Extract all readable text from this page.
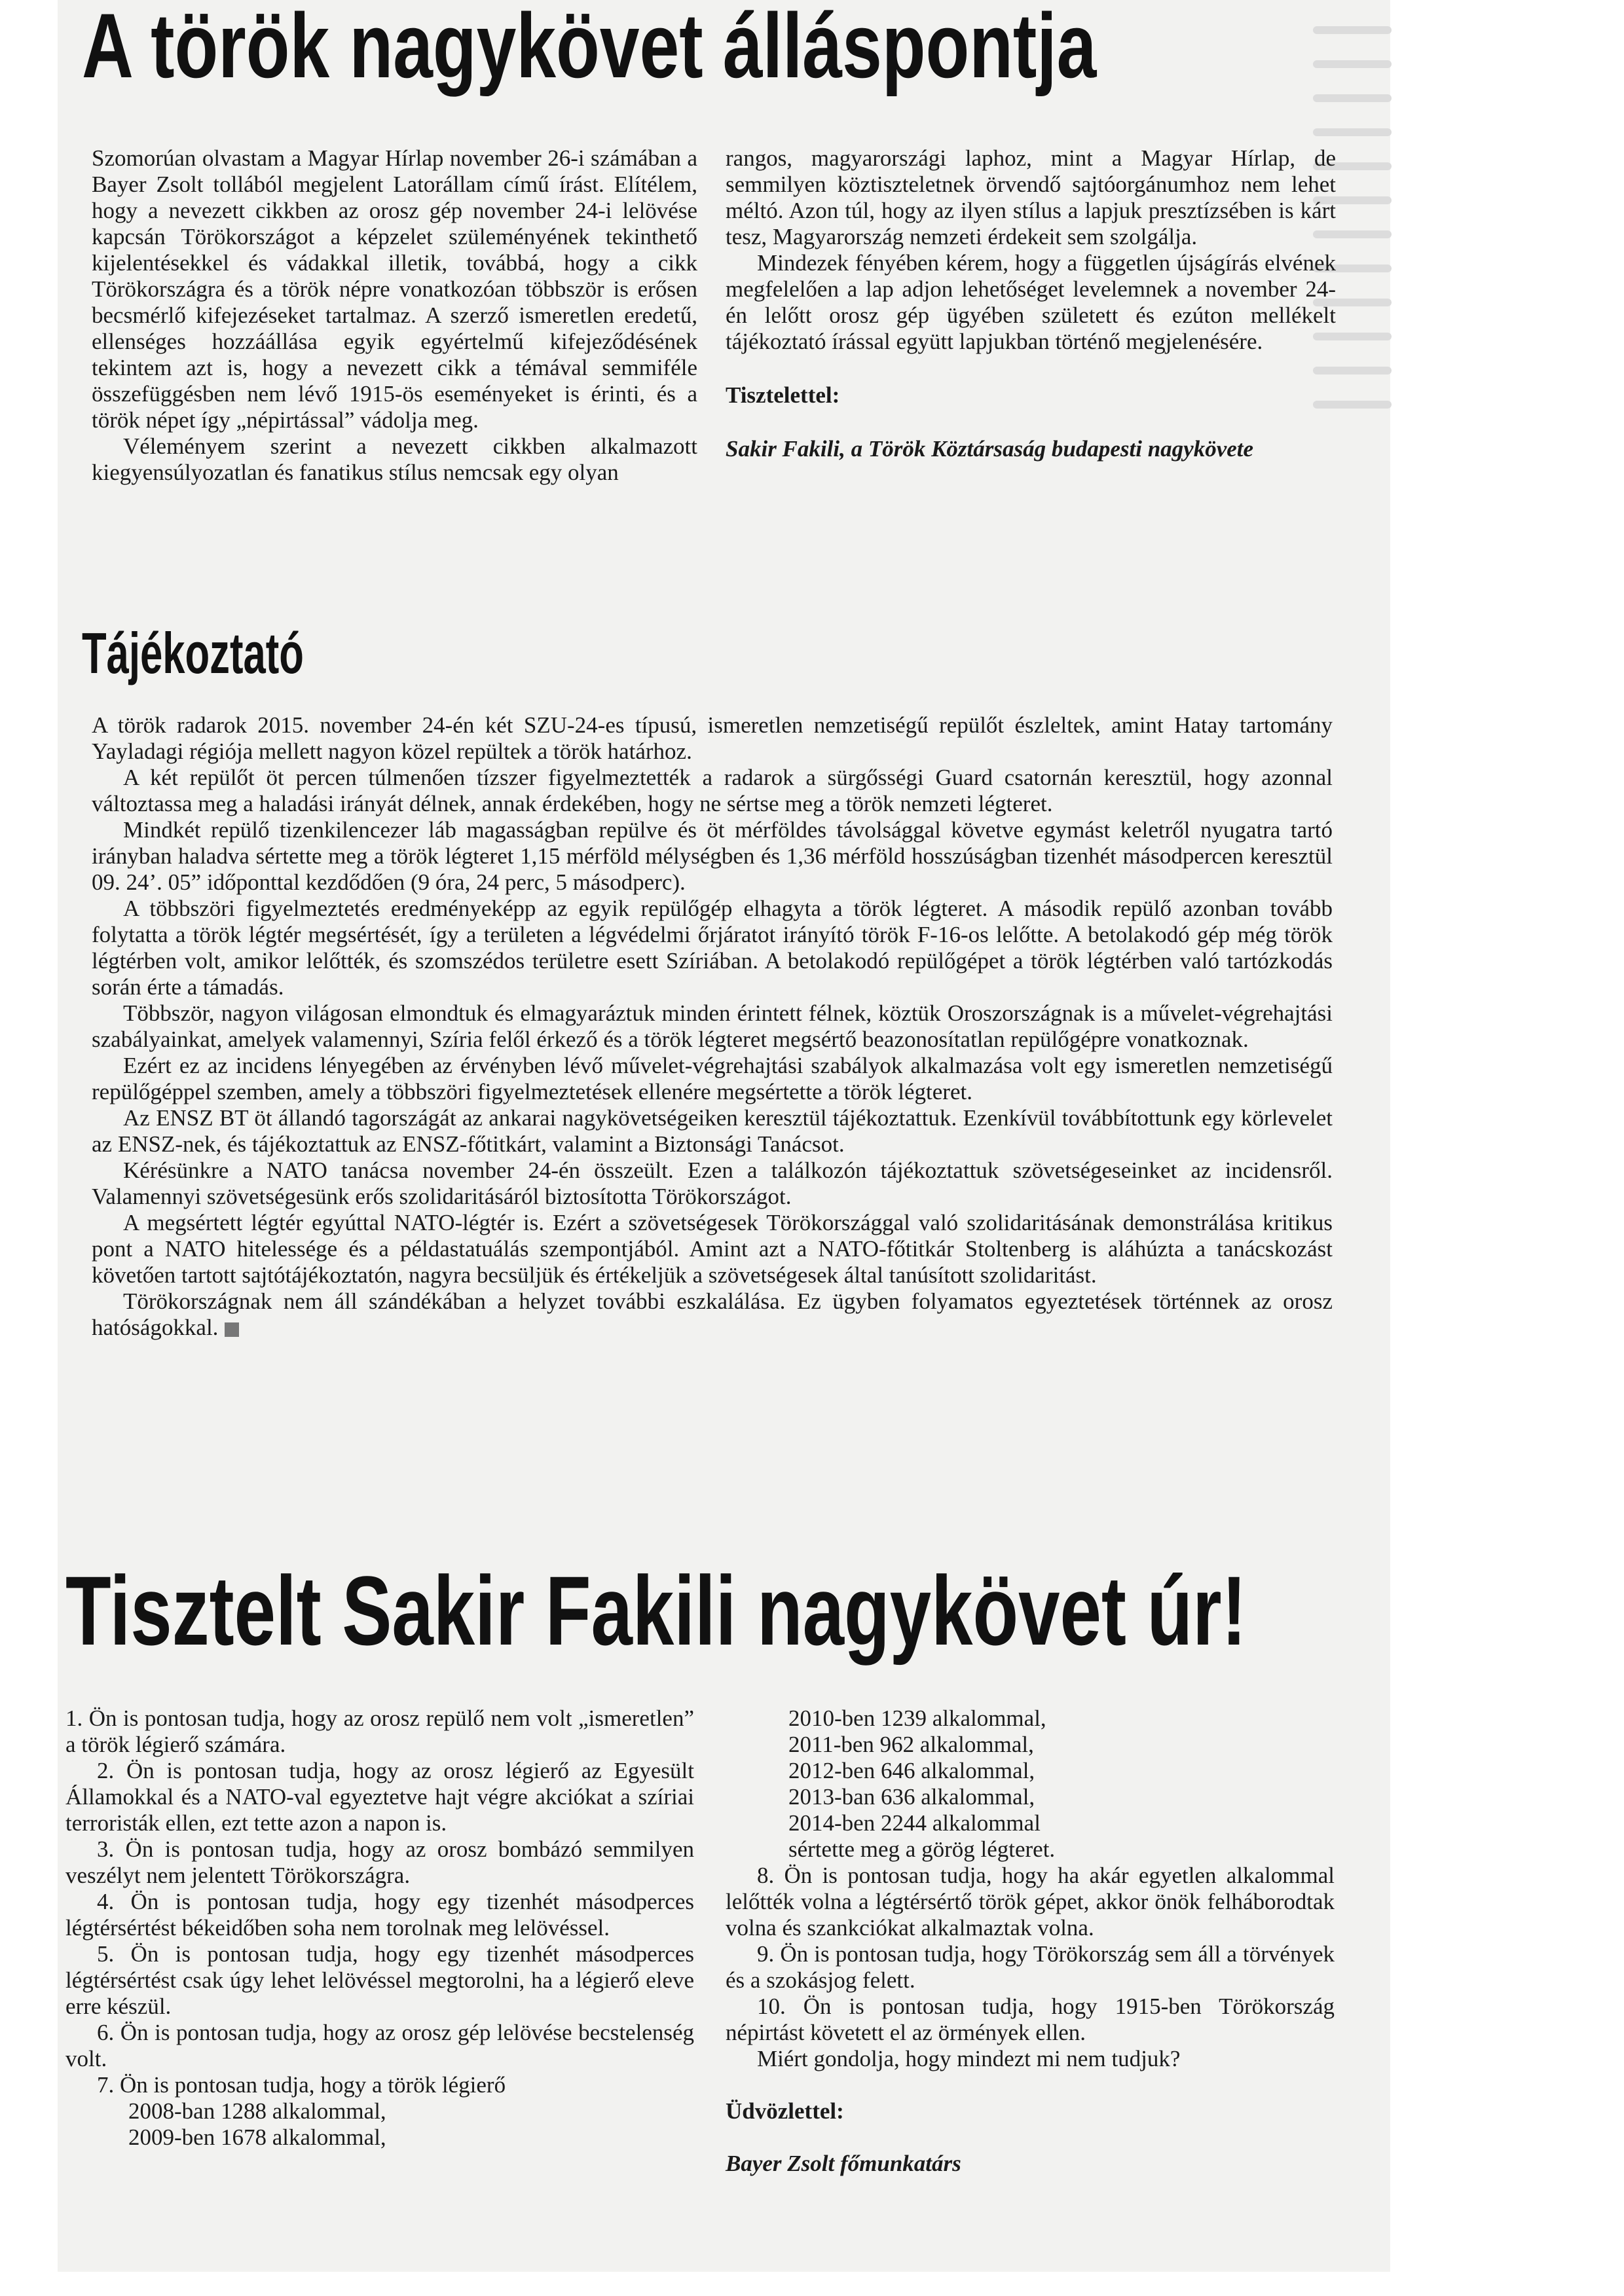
A török nagykövet álláspontja

Szomorúan olvastam a Magyar Hírlap november 26-i számában a Bayer Zsolt tollából megjelent Latorállam című írást. Elítélem, hogy a nevezett cikkben az orosz gép november 24-i lelövése kapcsán Törökországot a képzelet szüleményének tekinthető kijelentésekkel és vádakkal illetik, továbbá, hogy a cikk Törökországra és a török népre vonatkozóan többször is erősen becsmérlő kifejezéseket tartalmaz. A szerző ismeretlen eredetű, ellenséges hozzáállása egyik egyértelmű kifejeződésének tekintem azt is, hogy a nevezett cikk a témával semmiféle összefüggésben nem lévő 1915-ös eseményeket is érinti, és a török népet így „népirtással” vádolja meg.

Véleményem szerint a nevezett cikkben alkalmazott kiegyensúlyozatlan és fanatikus stílus nemcsak egy olyan

rangos, magyarországi laphoz, mint a Magyar Hírlap, de semmilyen köztiszteletnek örvendő sajtóorgánumhoz nem lehet méltó. Azon túl, hogy az ilyen stílus a lapjuk presztízsében is kárt tesz, Magyarország nemzeti érdekeit sem szolgálja.

Mindezek fényében kérem, hogy a független újságírás elvének megfelelően a lap adjon lehetőséget levelemnek a november 24-én lelőtt orosz gép ügyében született és ezúton mellékelt tájékoztató írással együtt lapjukban történő megjelenésére.

Tisztelettel:

Sakir Fakili, a Török Köztársaság budapesti nagykövete

Tájékoztató

A török radarok 2015. november 24-én két SZU-24-es típusú, ismeretlen nemzetiségű repülőt észleltek, amint Hatay tartomány Yayladagi régiója mellett nagyon közel repültek a török határhoz.

A két repülőt öt percen túlmenően tízszer figyelmeztették a radarok a sürgősségi Guard csatornán keresztül, hogy azonnal változtassa meg a haladási irányát délnek, annak érdekében, hogy ne sértse meg a török nemzeti légteret.

Mindkét repülő tizenkilencezer láb magasságban repülve és öt mérföldes távolsággal követve egymást keletről nyugatra tartó irányban haladva sértette meg a török légteret 1,15 mérföld mélységben és 1,36 mérföld hosszúságban tizenhét másodpercen keresztül 09. 24’. 05” időponttal kezdődően (9 óra, 24 perc, 5 másodperc).

A többszöri figyelmeztetés eredményeképp az egyik repülőgép elhagyta a török légteret. A második repülő azonban tovább folytatta a török légtér megsértését, így a területen a légvédelmi őrjáratot irányító török F-16-os lelőtte. A betolakodó gép még török légtérben volt, amikor lelőtték, és szomszédos területre esett Szíriában. A betolakodó repülőgépet a török légtérben való tartózkodás során érte a támadás.

Többször, nagyon világosan elmondtuk és elmagyaráztuk minden érintett félnek, köztük Oroszországnak is a művelet-végrehajtási szabályainkat, amelyek valamennyi, Szíria felől érkező és a török légteret megsértő beazonosítatlan repülőgépre vonatkoznak.

Ezért ez az incidens lényegében az érvényben lévő művelet-végrehajtási szabályok alkalmazása volt egy ismeretlen nemzetiségű repülőgéppel szemben, amely a többszöri figyelmeztetések ellenére megsértette a török légteret.

Az ENSZ BT öt állandó tagországát az ankarai nagykövetségeiken keresztül tájékoztattuk. Ezenkívül továbbítottunk egy körlevelet az ENSZ-nek, és tájékoztattuk az ENSZ-főtitkárt, valamint a Biztonsági Tanácsot.

Kérésünkre a NATO tanácsa november 24-én összeült. Ezen a találkozón tájékoztattuk szövetségeseinket az incidensről. Valamennyi szövetségesünk erős szolidaritásáról biztosította Törökországot.

A megsértett légtér egyúttal NATO-légtér is. Ezért a szövetségesek Törökországgal való szolidaritásának demonstrálása kritikus pont a NATO hitelessége és a példastatuálás szempontjából. Amint azt a NATO-főtitkár Stoltenberg is aláhúzta a tanácskozást követően tartott sajtótájékoztatón, nagyra becsüljük és értékeljük a szövetségesek által tanúsított szolidaritást.

Törökországnak nem áll szándékában a helyzet további eszkalálása. Ez ügyben folyamatos egyeztetések történnek az orosz hatóságokkal.

Tisztelt Sakir Fakili nagykövet úr!

1. Ön is pontosan tudja, hogy az orosz repülő nem volt „ismeretlen” a török légierő számára.

2. Ön is pontosan tudja, hogy az orosz légierő az Egyesült Államokkal és a NATO-val egyeztetve hajt végre akciókat a szíriai terroristák ellen, ezt tette azon a napon is.

3. Ön is pontosan tudja, hogy az orosz bombázó semmilyen veszélyt nem jelentett Törökországra.

4. Ön is pontosan tudja, hogy egy tizenhét másodperces légtérsértést békeidőben soha nem torolnak meg lelövéssel.

5. Ön is pontosan tudja, hogy egy tizenhét másodperces légtérsértést csak úgy lehet lelövéssel megtorolni, ha a légierő eleve erre készül.

6. Ön is pontosan tudja, hogy az orosz gép lelövése becstelenség volt.

7. Ön is pontosan tudja, hogy a török légierő

2008-ban 1288 alkalommal,

2009-ben 1678 alkalommal,

2010-ben 1239 alkalommal,

2011-ben 962 alkalommal,

2012-ben 646 alkalommal,

2013-ban 636 alkalommal,

2014-ben 2244 alkalommal

sértette meg a görög légteret.

8. Ön is pontosan tudja, hogy ha akár egyetlen alkalommal lelőtték volna a légtérsértő török gépet, akkor önök felháborodtak volna és szankciókat alkalmaztak volna.

9. Ön is pontosan tudja, hogy Törökország sem áll a törvények és a szokásjog felett.

10. Ön is pontosan tudja, hogy 1915-ben Törökország népirtást követett el az örmények ellen.

Miért gondolja, hogy mindezt mi nem tudjuk?

Üdvözlettel:

Bayer Zsolt főmunkatárs
